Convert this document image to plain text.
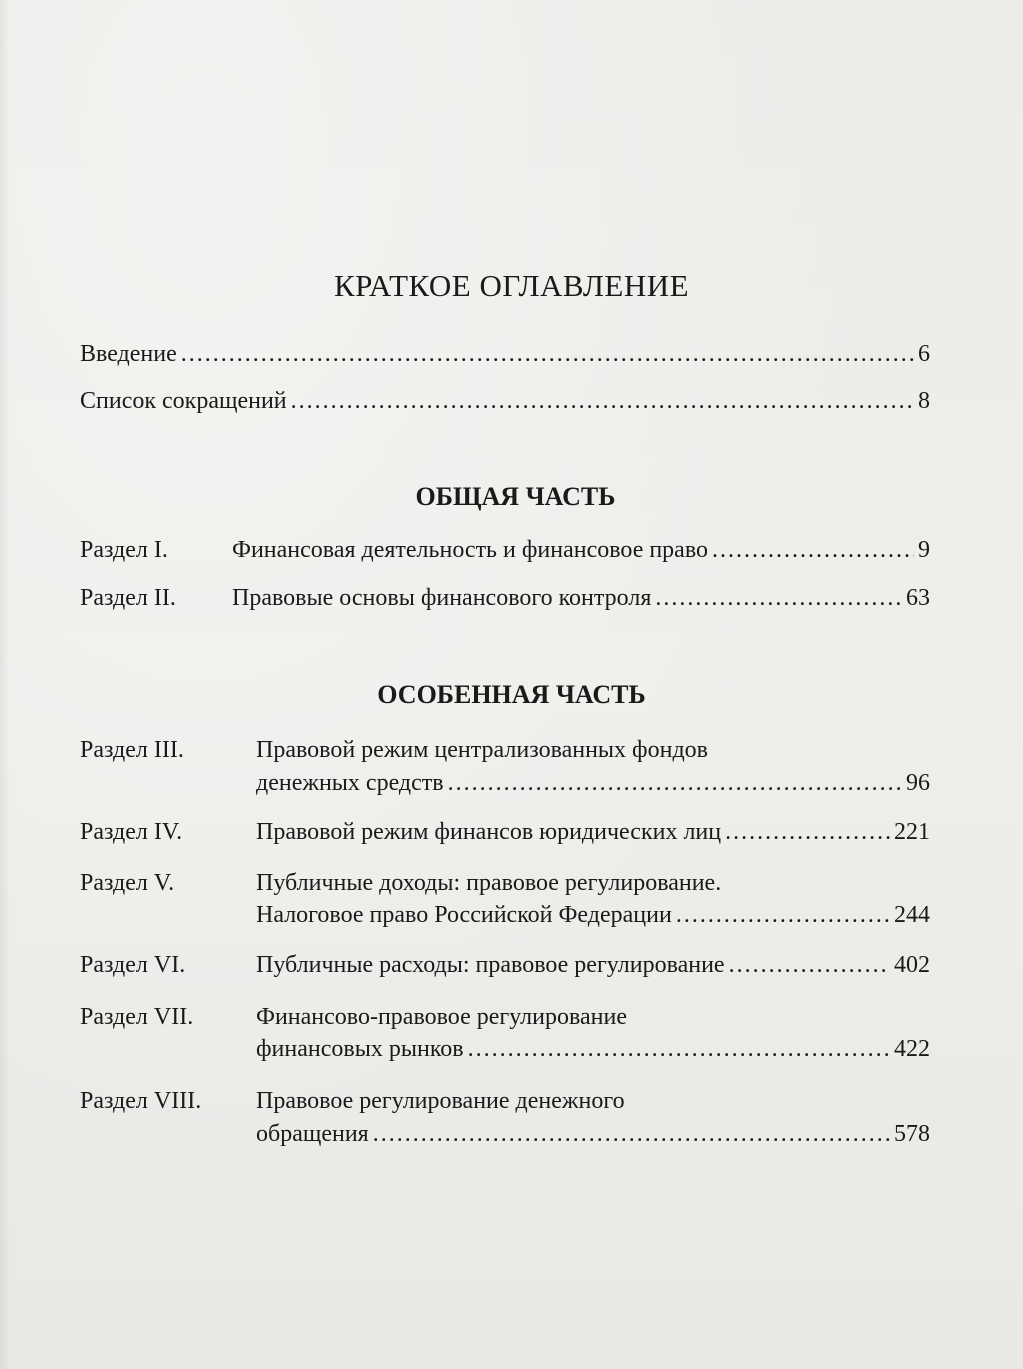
КРАТКОЕ ОГЛАВЛЕНИЕ
Введение . . .	6
Список сокращений . . .	8
ОБЩАЯ ЧАСТЬ
Раздел I.	Финансовая деятельность и финансовое право . . .	9
Раздел II. Правовые основы финансового контроля . . .	63
ОСОБЕННАЯ ЧАСТЬ
Раздел III.	Правовой режим централизованных фондов
денежных средств . . .	96
Раздел IV.	Правовой режим финансов юридических лиц . . .	221
Раздел V.	Публичные доходы: правовое регулирование.
Налоговое право Российской Федерации . . .	244
Раздел VI.	Публичные расходы: правовое регулирование . . .	402
Раздел VII.	Финансово-правовое регулирование
финансовых рынков . . .	422
Раздел VIII. Правовое регулирование денежного
обращения . . .	578
